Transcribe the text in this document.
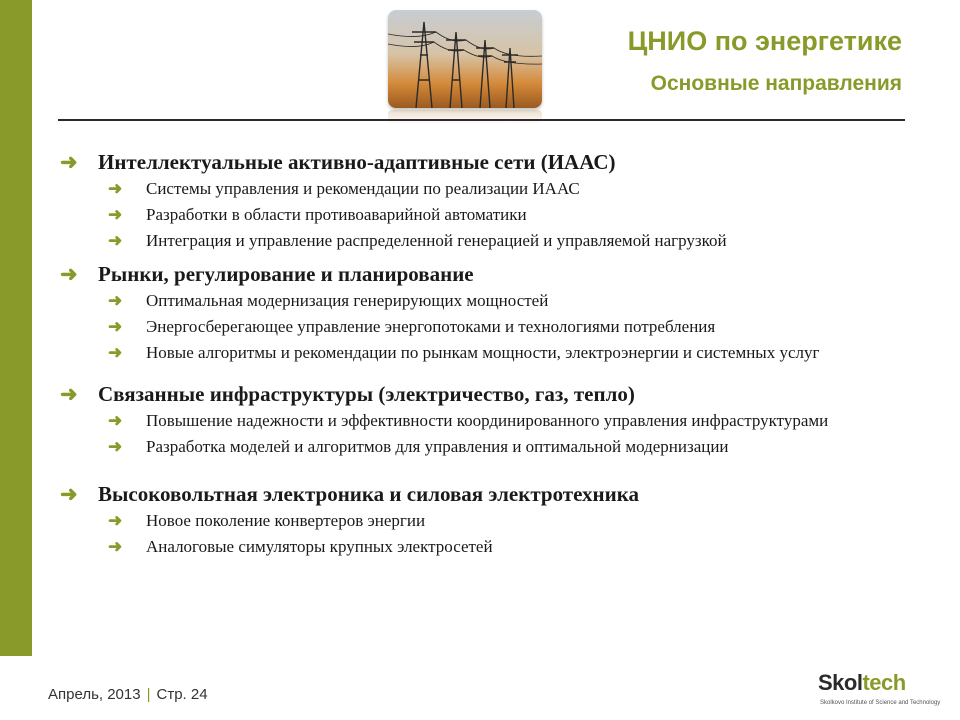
ЦНИО по энергетике
Основные направления
➜ Интеллектуальные активно-адаптивные сети (ИААС)
➜	Системы управления и рекомендации по реализации ИААС
➜	Разработки в области противоаварийной автоматики
➜	Интеграция и управление распределенной генерацией и управляемой нагрузкой
➜ Рынки, регулирование и планирование
➜	Оптимальная модернизация генерирующих мощностей
➜	Энергосберегающее управление энергопотоками и технологиями потребления
➜	Новые алгоритмы и рекомендации по рынкам мощности, электроэнергии и системных услуг
➜ Связанные инфраструктуры (электричество, газ, тепло)
➜	Повышение надежности и эффективности координированного управления инфраструктурами
➜	Разработка моделей и алгоритмов для управления и оптимальной модернизации
➜ Высоковольтная электроника и силовая электротехника
➜	Новое поколение конвертеров энергии
➜	Аналоговые симуляторы крупных электросетей
Апрель, 2013 | Стр. 24	Skoltech
Skolkovo Institute of Science and Technology
